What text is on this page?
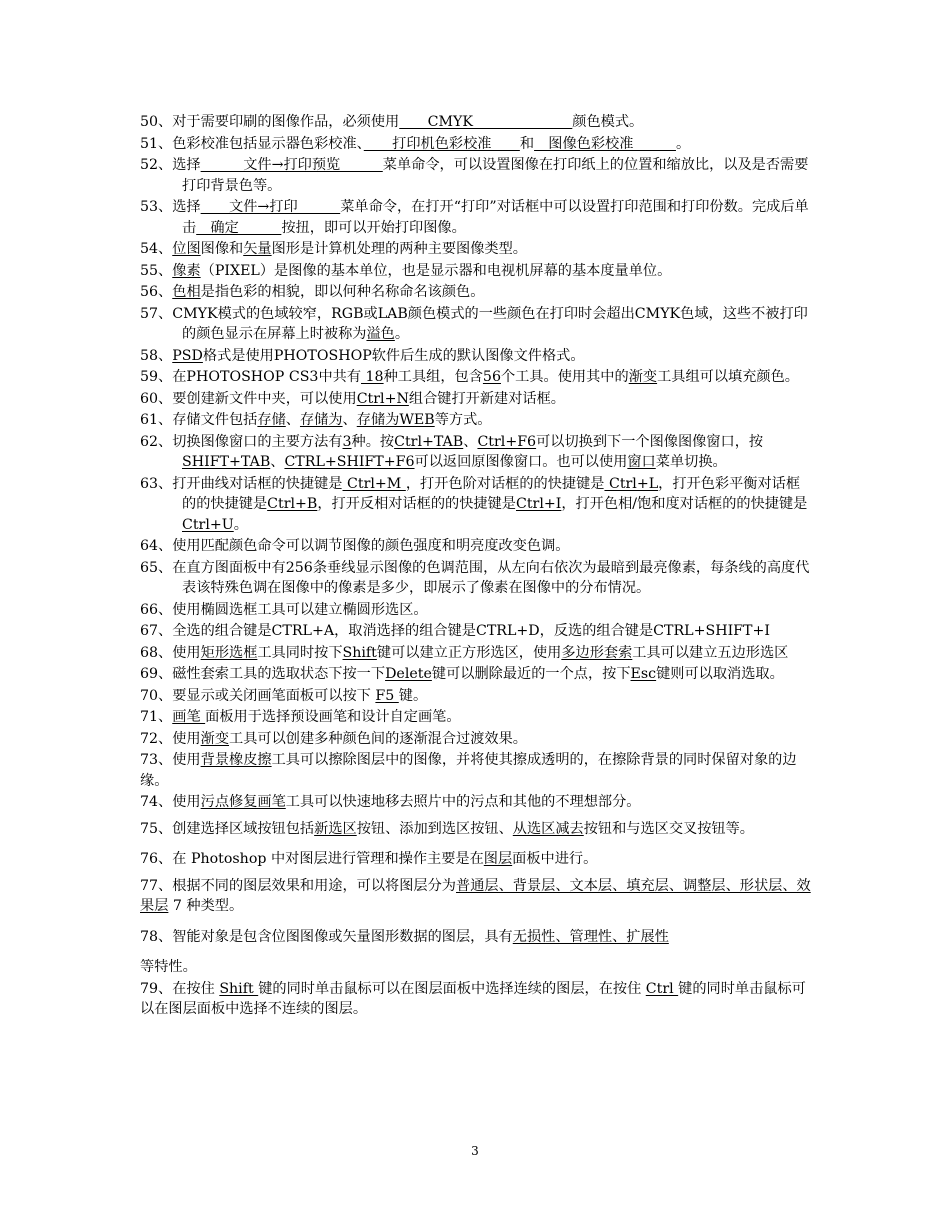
50、对于需要印刷的图像作品，必须使用　　CMYK　　　　　　　颜色模式。
51、色彩校准包括显示器色彩校准、　　打印机色彩校准　　和　图像色彩校准　　　。
52、选择　　　文件→打印预览　　　菜单命令，可以设置图像在打印纸上的位置和缩放比，以及是否需要打印背景色等。
53、选择　　文件→打印　　　菜单命令，在打开“打印”对话框中可以设置打印范围和打印份数。完成后单击　确定　　　按扭，即可以开始打印图像。
54、位图图像和矢量图形是计算机处理的两种主要图像类型。
55、像素（PIXEL）是图像的基本单位，也是显示器和电视机屏幕的基本度量单位。
56、色相是指色彩的相貌，即以何种名称命名该颜色。
57、CMYK模式的色域较窄，RGB或LAB颜色模式的一些颜色在打印时会超出CMYK色域，这些不被打印的颜色显示在屏幕上时被称为溢色。
58、PSD格式是使用PHOTOSHOP软件后生成的默认图像文件格式。
59、在PHOTOSHOP CS3中共有 18种工具组，包含56个工具。使用其中的渐变工具组可以填充颜色。
60、要创建新文件中夹，可以使用Ctrl+N组合键打开新建对话框。
61、存储文件包括存储、存储为、存储为WEB等方式。
62、切换图像窗口的主要方法有3种。按Ctrl+TAB、Ctrl+F6可以切换到下一个图像图像窗口，按SHIFT+TAB、CTRL+SHIFT+F6可以返回原图像窗口。也可以使用窗口菜单切换。
63、打开曲线对话框的快捷键是 Ctrl+M ，打开色阶对话框的的快捷键是 Ctrl+L，打开色彩平衡对话框的的快捷键是Ctrl+B，打开反相对话框的的快捷键是Ctrl+I，打开色相/饱和度对话框的的快捷键是Ctrl+U。
64、使用匹配颜色命令可以调节图像的颜色强度和明亮度改变色调。
65、在直方图面板中有256条垂线显示图像的色调范围，从左向右依次为最暗到最亮像素，每条线的高度代表该特殊色调在图像中的像素是多少，即展示了像素在图像中的分布情况。
66、使用椭圆选框工具可以建立椭圆形选区。
67、全选的组合键是CTRL+A，取消选择的组合键是CTRL+D，反选的组合键是CTRL+SHIFT+I
68、使用矩形选框工具同时按下Shift键可以建立正方形选区，使用多边形套索工具可以建立五边形选区
69、磁性套索工具的选取状态下按一下Delete键可以删除最近的一个点，按下Esc键则可以取消选取。
70、要显示或关闭画笔面板可以按下 F5 键。
71、画笔 面板用于选择预设画笔和设计自定画笔。
72、使用渐变工具可以创建多种颜色间的逐渐混合过渡效果。
73、使用背景橡皮擦工具可以擦除图层中的图像，并将使其擦成透明的，在擦除背景的同时保留对象的边缘。
74、使用污点修复画笔工具可以快速地移去照片中的污点和其他的不理想部分。
75、创建选择区域按钮包括新选区按钮、添加到选区按钮、从选区减去按钮和与选区交叉按钮等。
76、在 Photoshop 中对图层进行管理和操作主要是在图层面板中进行。
77、根据不同的图层效果和用途，可以将图层分为普通层、背景层、文本层、填充层、调整层、形状层、效果层 7 种类型。
78、智能对象是包含位图图像或矢量图形数据的图层，具有无损性、管理性、扩展性
等特性。
79、在按住 Shift 键的同时单击鼠标可以在图层面板中选择连续的图层，在按住 Ctrl 键的同时单击鼠标可以在图层面板中选择不连续的图层。
3
